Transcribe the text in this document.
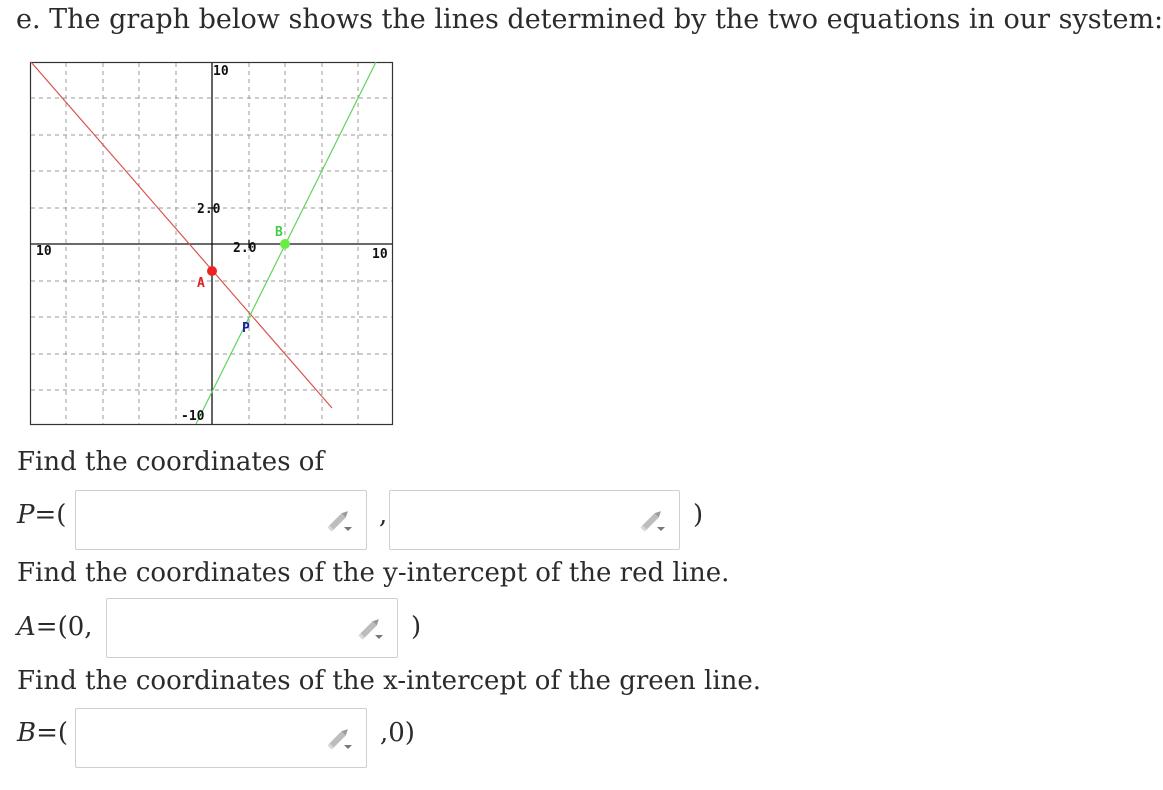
e. The graph below shows the lines determined by the two equations in our system:
10
-10
10	10
2.0
2.0
A
B
P
Find the coordinates of
P=(	,	)
Find the coordinates of the y-intercept of the red line.
A=(0,	)
Find the coordinates of the x-intercept of the green line.
B=(	,0)
